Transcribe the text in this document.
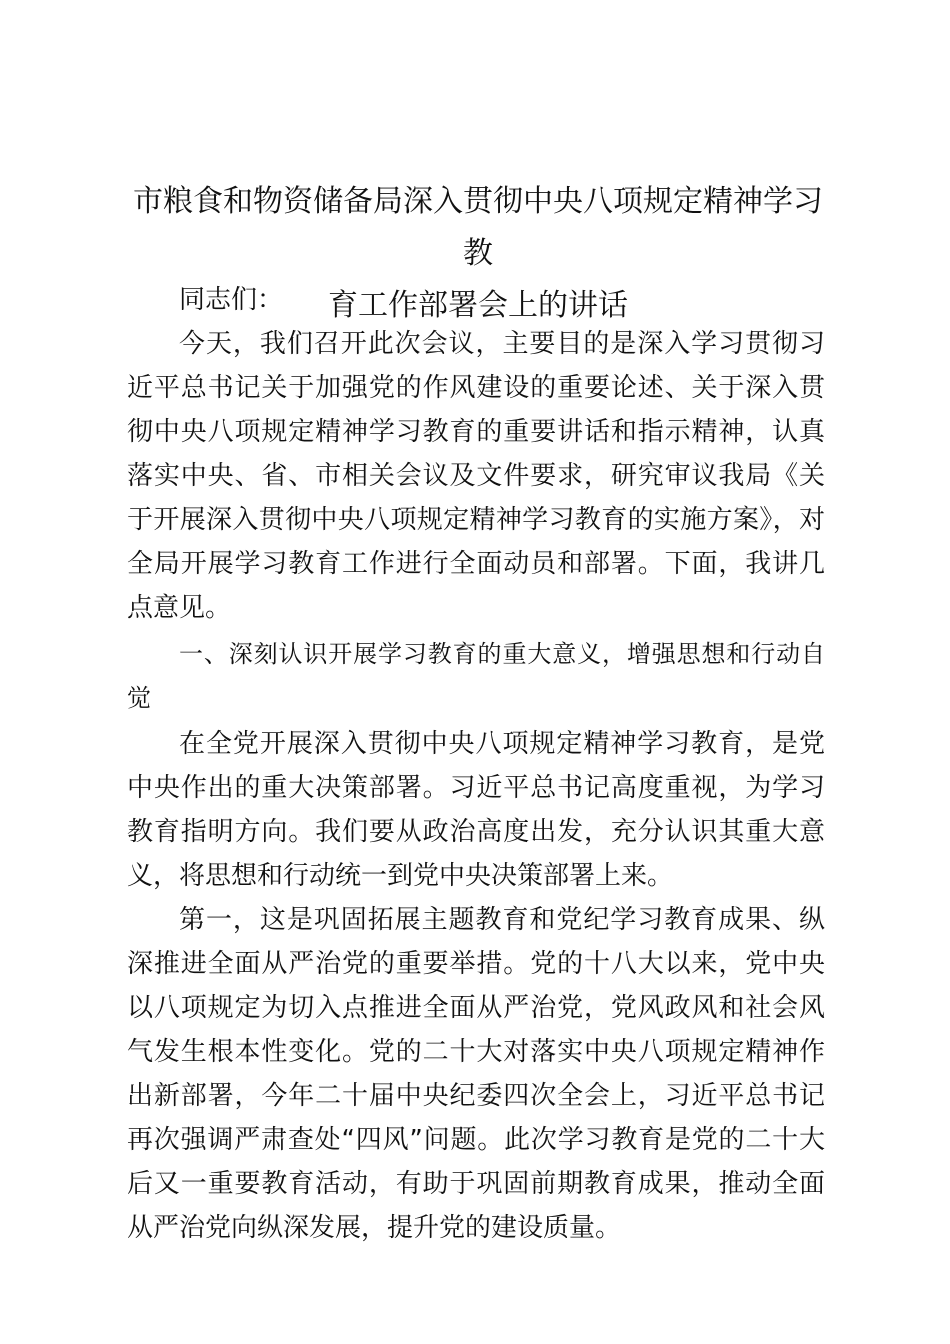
市粮食和物资储备局深入贯彻中央八项规定精神学习教
育工作部署会上的讲话

同志们：

今天，我们召开此次会议，主要目的是深入学习贯彻习近平总书记关于加强党的作风建设的重要论述、关于深入贯彻中央八项规定精神学习教育的重要讲话和指示精神，认真落实中央、省、市相关会议及文件要求，研究审议我局《关于开展深入贯彻中央八项规定精神学习教育的实施方案》，对全局开展学习教育工作进行全面动员和部署。下面，我讲几点意见。

一、深刻认识开展学习教育的重大意义，增强思想和行动自觉

在全党开展深入贯彻中央八项规定精神学习教育，是党中央作出的重大决策部署。习近平总书记高度重视，为学习教育指明方向。我们要从政治高度出发，充分认识其重大意义，将思想和行动统一到党中央决策部署上来。

第一，这是巩固拓展主题教育和党纪学习教育成果、纵深推进全面从严治党的重要举措。党的十八大以来，党中央以八项规定为切入点推进全面从严治党，党风政风和社会风气发生根本性变化。党的二十大对落实中央八项规定精神作出新部署，今年二十届中央纪委四次全会上，习近平总书记再次强调严肃查处“四风”问题。此次学习教育是党的二十大后又一重要教育活动，有助于巩固前期教育成果，推动全面从严治党向纵深发展，提升党的建设质量。
